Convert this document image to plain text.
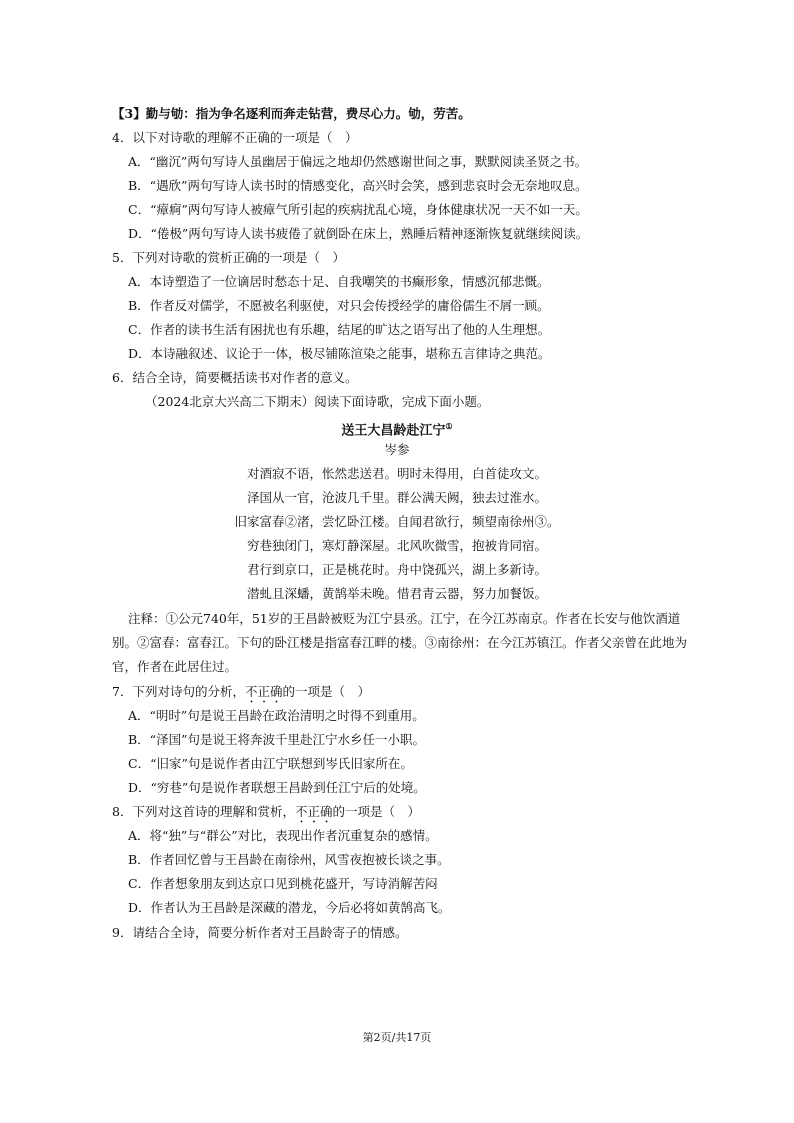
【3】勤与劬：指为争名逐利而奔走钻营，费尽心力。劬，劳苦。
4．以下对诗歌的理解不正确的一项是（　）
A．“幽沉”两句写诗人虽幽居于偏远之地却仍然感谢世间之事，默默阅读圣贤之书。
B．“遇欣”两句写诗人读书时的情感变化，高兴时会笑，感到悲哀时会无奈地叹息。
C．“瘴痾”两句写诗人被瘴气所引起的疾病扰乱心境，身体健康状况一天不如一天。
D．“倦极”两句写诗人读书疲倦了就倒卧在床上，熟睡后精神逐渐恢复就继续阅读。
5．下列对诗歌的赏析正确的一项是（　）
A．本诗塑造了一位谪居时愁态十足、自我嘲笑的书癫形象，情感沉郁悲慨。
B．作者反对儒学，不愿被名利驱使，对只会传授经学的庸俗儒生不屑一顾。
C．作者的读书生活有困扰也有乐趣，结尾的旷达之语写出了他的人生理想。
D．本诗融叙述、议论于一体，极尽铺陈渲染之能事，堪称五言律诗之典范。
6．结合全诗，简要概括读书对作者的意义。
（2024北京大兴高二下期末）阅读下面诗歌，完成下面小题。
送王大昌龄赴江宁①
岑参
对酒寂不语，怅然悲送君。明时未得用，白首徒攻文。
泽国从一官，沧波几千里。群公满天阙，独去过淮水。
旧家富春②渚，尝忆卧江楼。自闻君欲行，频望南徐州③。
穷巷独闭门，寒灯静深屋。北风吹微雪，抱被肯同宿。
君行到京口，正是桃花时。舟中饶孤兴，湖上多新诗。
潜虬且深蟠，黄鹄举未晚。惜君青云器，努力加餐饭。
注释：①公元740年，51岁的王昌龄被贬为江宁县丞。江宁，在今江苏南京。作者在长安与他饮酒道
别。②富春：富春江。下句的卧江楼是指富春江畔的楼。③南徐州：在今江苏镇江。作者父亲曾在此地为
官，作者在此居住过。
7．下列对诗句的分析，不正确的一项是（　）
A．“明时”句是说王昌龄在政治清明之时得不到重用。
B．“泽国”句是说王将奔波千里赴江宁水乡任一小职。
C．“旧家”句是说作者由江宁联想到岑氏旧家所在。
D．“穷巷”句是说作者联想王昌龄到任江宁后的处境。
8．下列对这首诗的理解和赏析，不正确的一项是（　）
A．将“独”与“群公”对比，表现出作者沉重复杂的感情。
B．作者回忆曾与王昌龄在南徐州，风雪夜抱被长谈之事。
C．作者想象朋友到达京口见到桃花盛开，写诗消解苦闷
D．作者认为王昌龄是深藏的潜龙，今后必将如黄鹄高飞。
9．请结合全诗，简要分析作者对王昌龄寄子的情感。
第2页/共17页
